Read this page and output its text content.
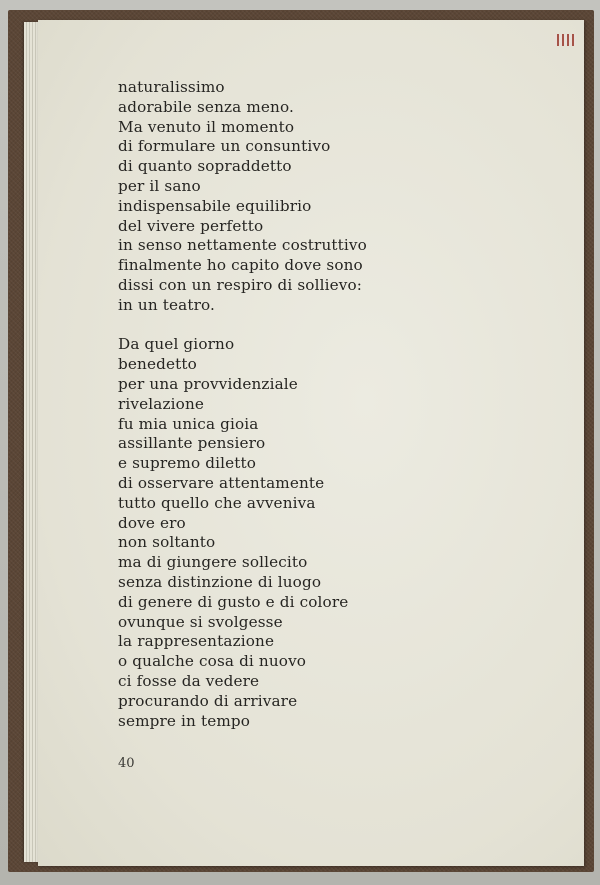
naturalissimo
adorabile senza meno.
Ma venuto il momento
di formulare un consuntivo
di quanto sopraddetto
per il sano
indispensabile equilibrio
del vivere perfetto
in senso nettamente costruttivo
finalmente ho capito dove sono
dissi con un respiro di sollievo:
in un teatro.
Da quel giorno
benedetto
per una provvidenziale
rivelazione
fu mia unica gioia
assillante pensiero
e supremo diletto
di osservare attentamente
tutto quello che avveniva
dove ero
non soltanto
ma di giungere sollecito
senza distinzione di luogo
di genere di gusto e di colore
ovunque si svolgesse
la rappresentazione
o qualche cosa di nuovo
ci fosse da vedere
procurando di arrivare
sempre in tempo
40
